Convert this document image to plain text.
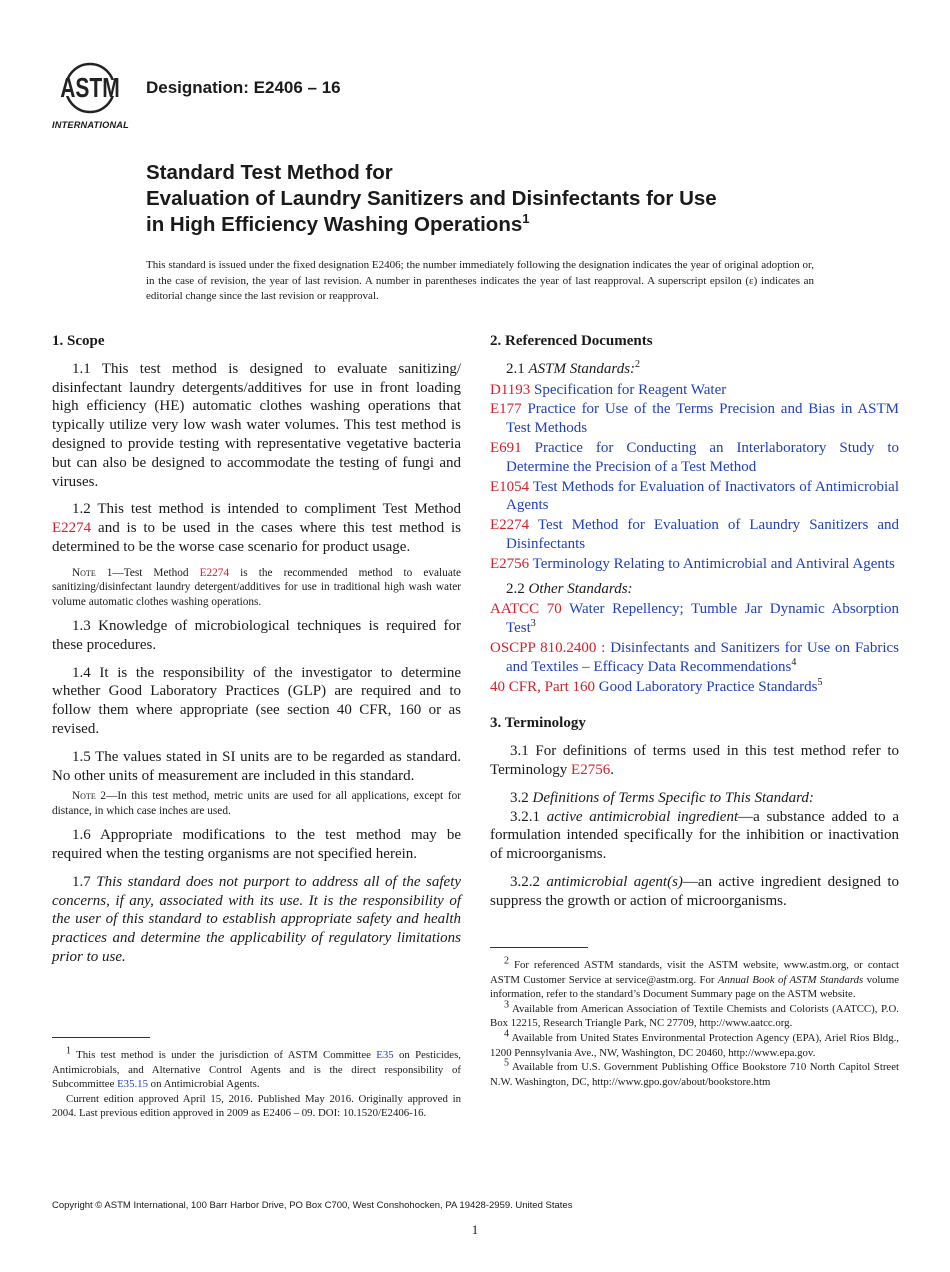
ASTM
INTERNATIONAL
Designation: E2406 – 16
Standard Test Method for
Evaluation of Laundry Sanitizers and Disinfectants for Use
in High Efficiency Washing Operations$^1$
This standard is issued under the fixed designation E2406; the number immediately following the designation indicates the year of original adoption or, in the case of revision, the year of last revision. A number in parentheses indicates the year of last reapproval. A superscript epsilon (ε) indicates an editorial change since the last revision or reapproval.
1. Scope

1.1 This test method is designed to evaluate sanitizing/ disinfectant laundry detergents/additives for use in front loading high efficiency (HE) automatic clothes washing operations that typically utilize very low wash water volumes. This test method is designed to provide testing with representative vegetative bacteria but can also be designed to accommodate the testing of fungi and viruses.

1.2 This test method is intended to compliment Test Method E2274 and is to be used in the cases where this test method is determined to be the worse case scenario for product usage.

Note 1—Test Method E2274 is the recommended method to evaluate sanitizing/disinfectant laundry detergent/additives for use in traditional high wash water volume automatic clothes washing operations.

1.3 Knowledge of microbiological techniques is required for these procedures.

1.4 It is the responsibility of the investigator to determine whether Good Laboratory Practices (GLP) are required and to follow them where appropriate (see section 40 CFR, 160 or as revised.

1.5 The values stated in SI units are to be regarded as standard. No other units of measurement are included in this standard.

Note 2—In this test method, metric units are used for all applications, except for distance, in which case inches are used.

1.6 Appropriate modifications to the test method may be required when the testing organisms are not specified herein.

1.7 This standard does not purport to address all of the safety concerns, if any, associated with its use. It is the responsibility of the user of this standard to establish appropriate safety and health practices and determine the applicability of regulatory limitations prior to use.

2. Referenced Documents
2.1 ASTM Standards:$^2$
D1193 Specification for Reagent Water
E177 Practice for Use of the Terms Precision and Bias in ASTM Test Methods
E691 Practice for Conducting an Interlaboratory Study to Determine the Precision of a Test Method
E1054 Test Methods for Evaluation of Inactivators of Antimicrobial Agents
E2274 Test Method for Evaluation of Laundry Sanitizers and Disinfectants
E2756 Terminology Relating to Antimicrobial and Antiviral Agents
2.2 Other Standards:
AATCC 70 Water Repellency; Tumble Jar Dynamic Absorption Test$^3$
OSCPP 810.2400 : Disinfectants and Sanitizers for Use on Fabrics and Textiles – Efficacy Data Recommendations$^4$
40 CFR, Part 160 Good Laboratory Practice Standards$^5$
3. Terminology

3.1 For definitions of terms used in this test method refer to Terminology E2756.

3.2 Definitions of Terms Specific to This Standard:

3.2.1 active antimicrobial ingredient—a substance added to a formulation intended specifically for the inhibition or inactivation of microorganisms.

3.2.2 antimicrobial agent(s)—an active ingredient designed to suppress the growth or action of microorganisms.

$^1$ This test method is under the jurisdiction of ASTM Committee E35 on Pesticides, Antimicrobials, and Alternative Control Agents and is the direct responsibility of Subcommittee E35.15 on Antimicrobial Agents.

Current edition approved April 15, 2016. Published May 2016. Originally approved in 2004. Last previous edition approved in 2009 as E2406 – 09. DOI: 10.1520/E2406-16.

$^2$ For referenced ASTM standards, visit the ASTM website, www.astm.org, or contact ASTM Customer Service at service@astm.org. For Annual Book of ASTM Standards volume information, refer to the standard’s Document Summary page on the ASTM website.

$^3$ Available from American Association of Textile Chemists and Colorists (AATCC), P.O. Box 12215, Research Triangle Park, NC 27709, http://www.aatcc.org.

$^4$ Available from United States Environmental Protection Agency (EPA), Ariel Rios Bldg., 1200 Pennsylvania Ave., NW, Washington, DC 20460, http://www.epa.gov.

$^5$ Available from U.S. Government Publishing Office Bookstore 710 North Capitol Street N.W. Washington, DC, http://www.gpo.gov/about/bookstore.htm

Copyright © ASTM International, 100 Barr Harbor Drive, PO Box C700, West Conshohocken, PA 19428-2959. United States
1
